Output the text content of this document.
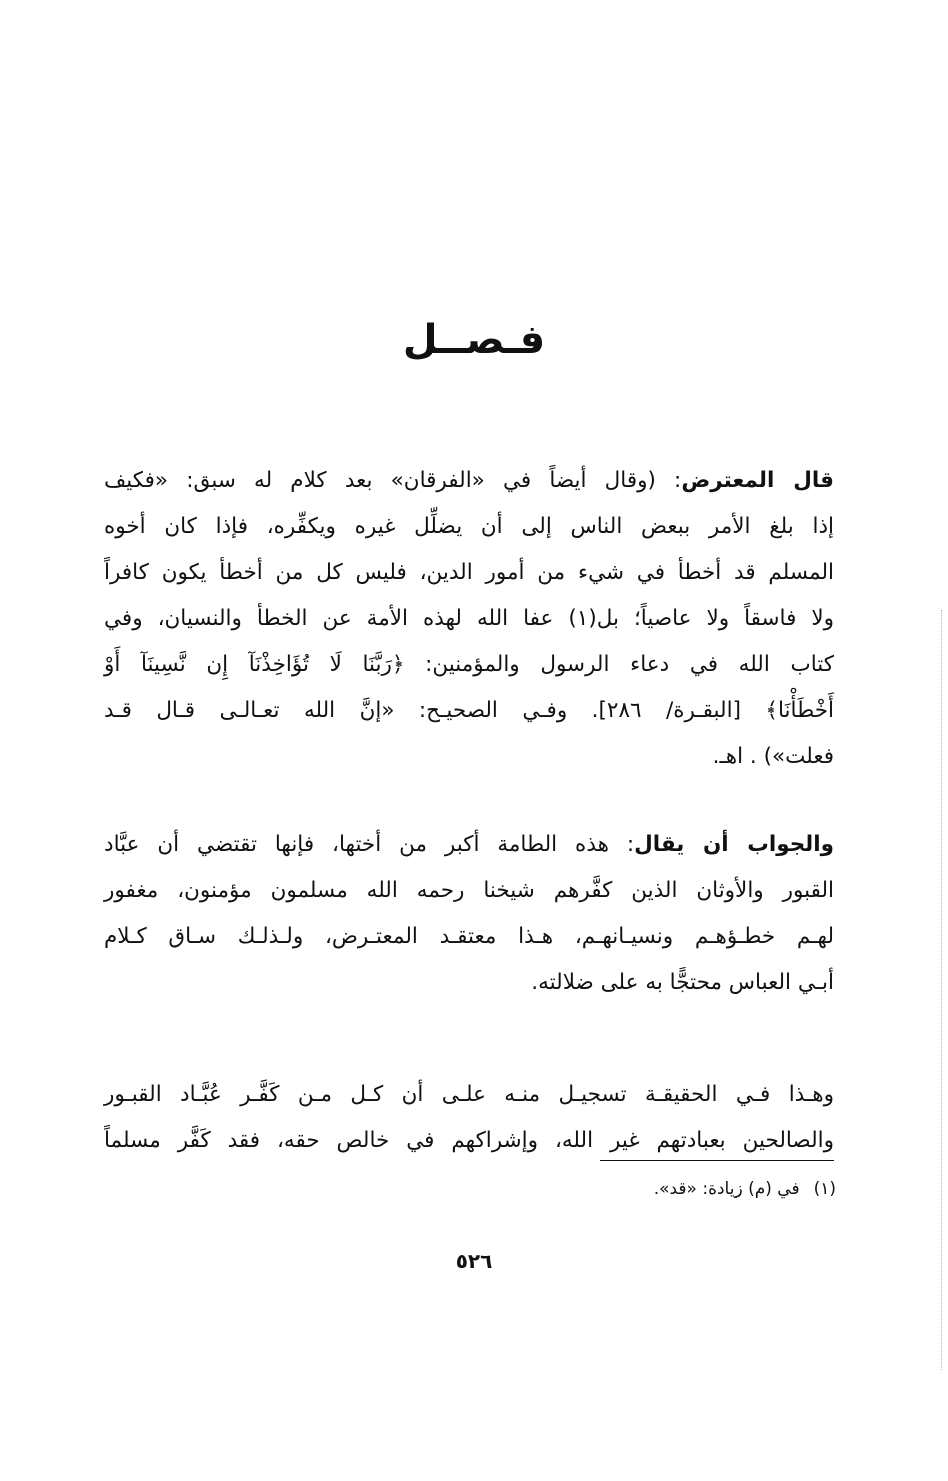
فـصــل
قال المعترض: (وقال أيضاً في «الفرقان» بعد كلام له سبق: «فكيف
إذا بلغ الأمر ببعض الناس إلى أن يضلِّل غيره ويكفِّره، فإذا كان أخوه
المسلم قد أخطأ في شيء من أمور الدين، فليس كل من أخطأ يكون كافراً
ولا فاسقاً ولا عاصياً؛ بل(١) عفا الله لهذه الأمة عن الخطأ والنسيان، وفي
كتاب الله في دعاء الرسول والمؤمنين: ﴿رَبَّنَا لَا تُؤَاخِذْنَآ إِن نَّسِينَآ أَوْ
أَخْطَأْنَا﴾ [البقـرة/ ٢٨٦]. وفـي الصحيـح: «إنَّ الله تعـالـى قـال قـد
فعلت») . اهـ.
والجواب أن يقال: هذه الطامة أكبر من أختها، فإنها تقتضي أن عبَّاد
القبور والأوثان الذين كفَّرهم شيخنا رحمه الله مسلمون مؤمنون، مغفور
لهـم خطـؤهـم ونسيـانهـم، هـذا معتقـد المعتـرض، ولـذلـك سـاق كـلام
أبـي العباس محتجًّا به على ضلالته.
وهـذا فـي الحقيقـة تسجيـل منـه علـى أن كـل مـن كَفَّـر عُبَّـاد القبـور
والصالحين بعبادتهم غير الله، وإشراكهم في خالص حقه، فقد كَفَّر مسلماً
(١)في (م) زيادة: «قد».
٥٢٦
